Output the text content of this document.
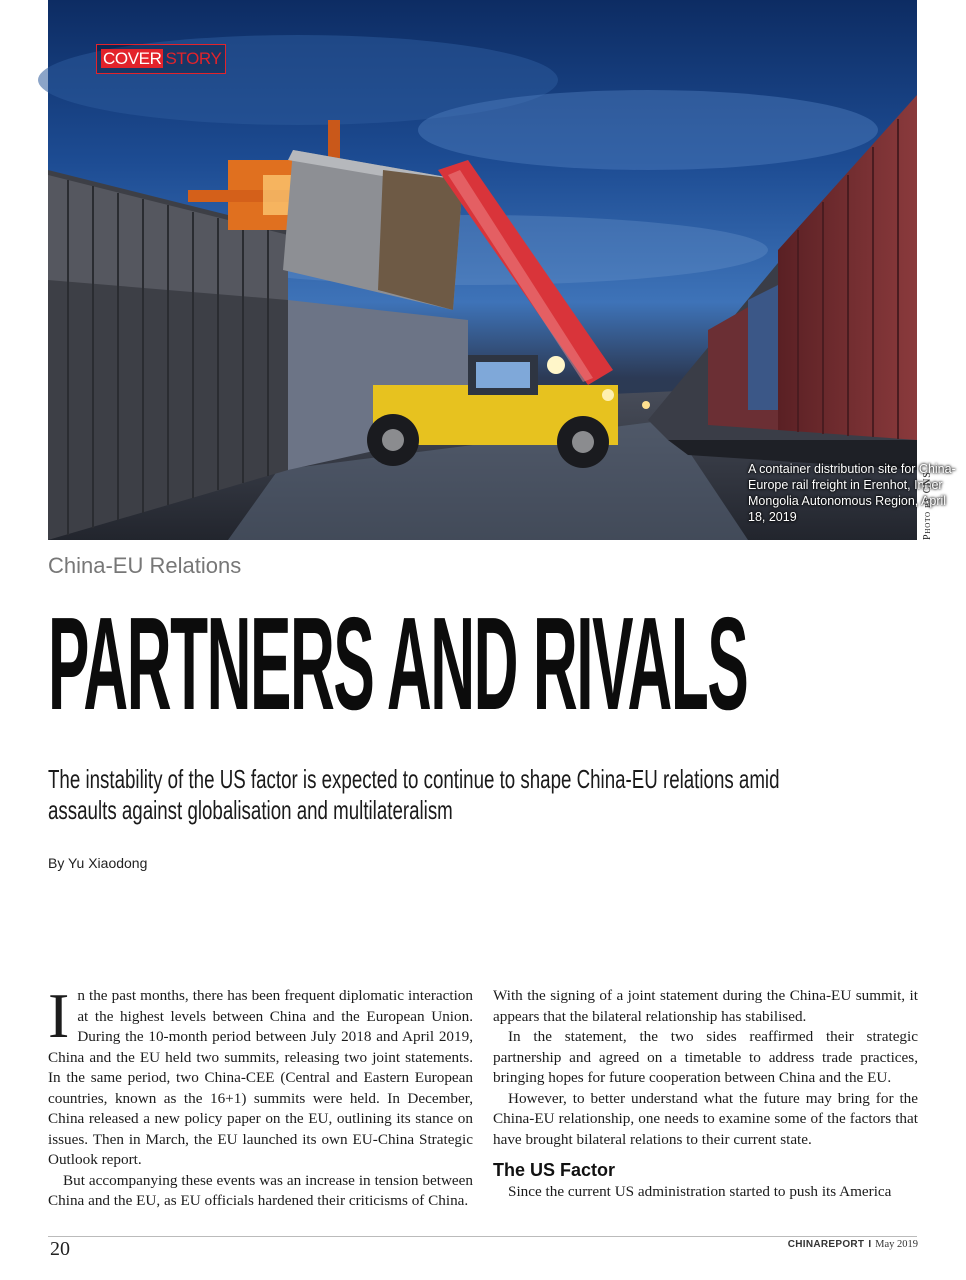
COVER STORY
A container distribution site for China-Europe rail freight in Erenhot, Inner Mongolia Autonomous Region, April 18, 2019	Photo by CNS
China-EU Relations
PARTNERS AND RIVALS
The instability of the US factor is expected to continue to shape China-EU relations amid assaults against globalisation and multilateralism
By Yu Xiaodong

In the past months, there has been frequent diplomatic interaction at the highest levels between China and the European Union. During the 10-month period between July 2018 and April 2019, China and the EU held two summits, releasing two joint statements. In the same period, two China-CEE (Central and Eastern European countries, known as the 16+1) summits were held. In December, China released a new policy paper on the EU, outlining its stance on issues. Then in March, the EU launched its own EU-China Strategic Outlook report.

But accompanying these events was an increase in tension between China and the EU, as EU officials hardened their criticisms of China.

With the signing of a joint statement during the China-EU summit, it appears that the bilateral relationship has stabilised.

In the statement, the two sides reaffirmed their strategic partnership and agreed on a timetable to address trade practices, bringing hopes for future cooperation between China and the EU.

However, to better understand what the future may bring for the China-EU relationship, one needs to examine some of the factors that have brought bilateral relations to their current state.

The US Factor

Since the current US administration started to push its America

20	CHINAREPORT I May 2019
